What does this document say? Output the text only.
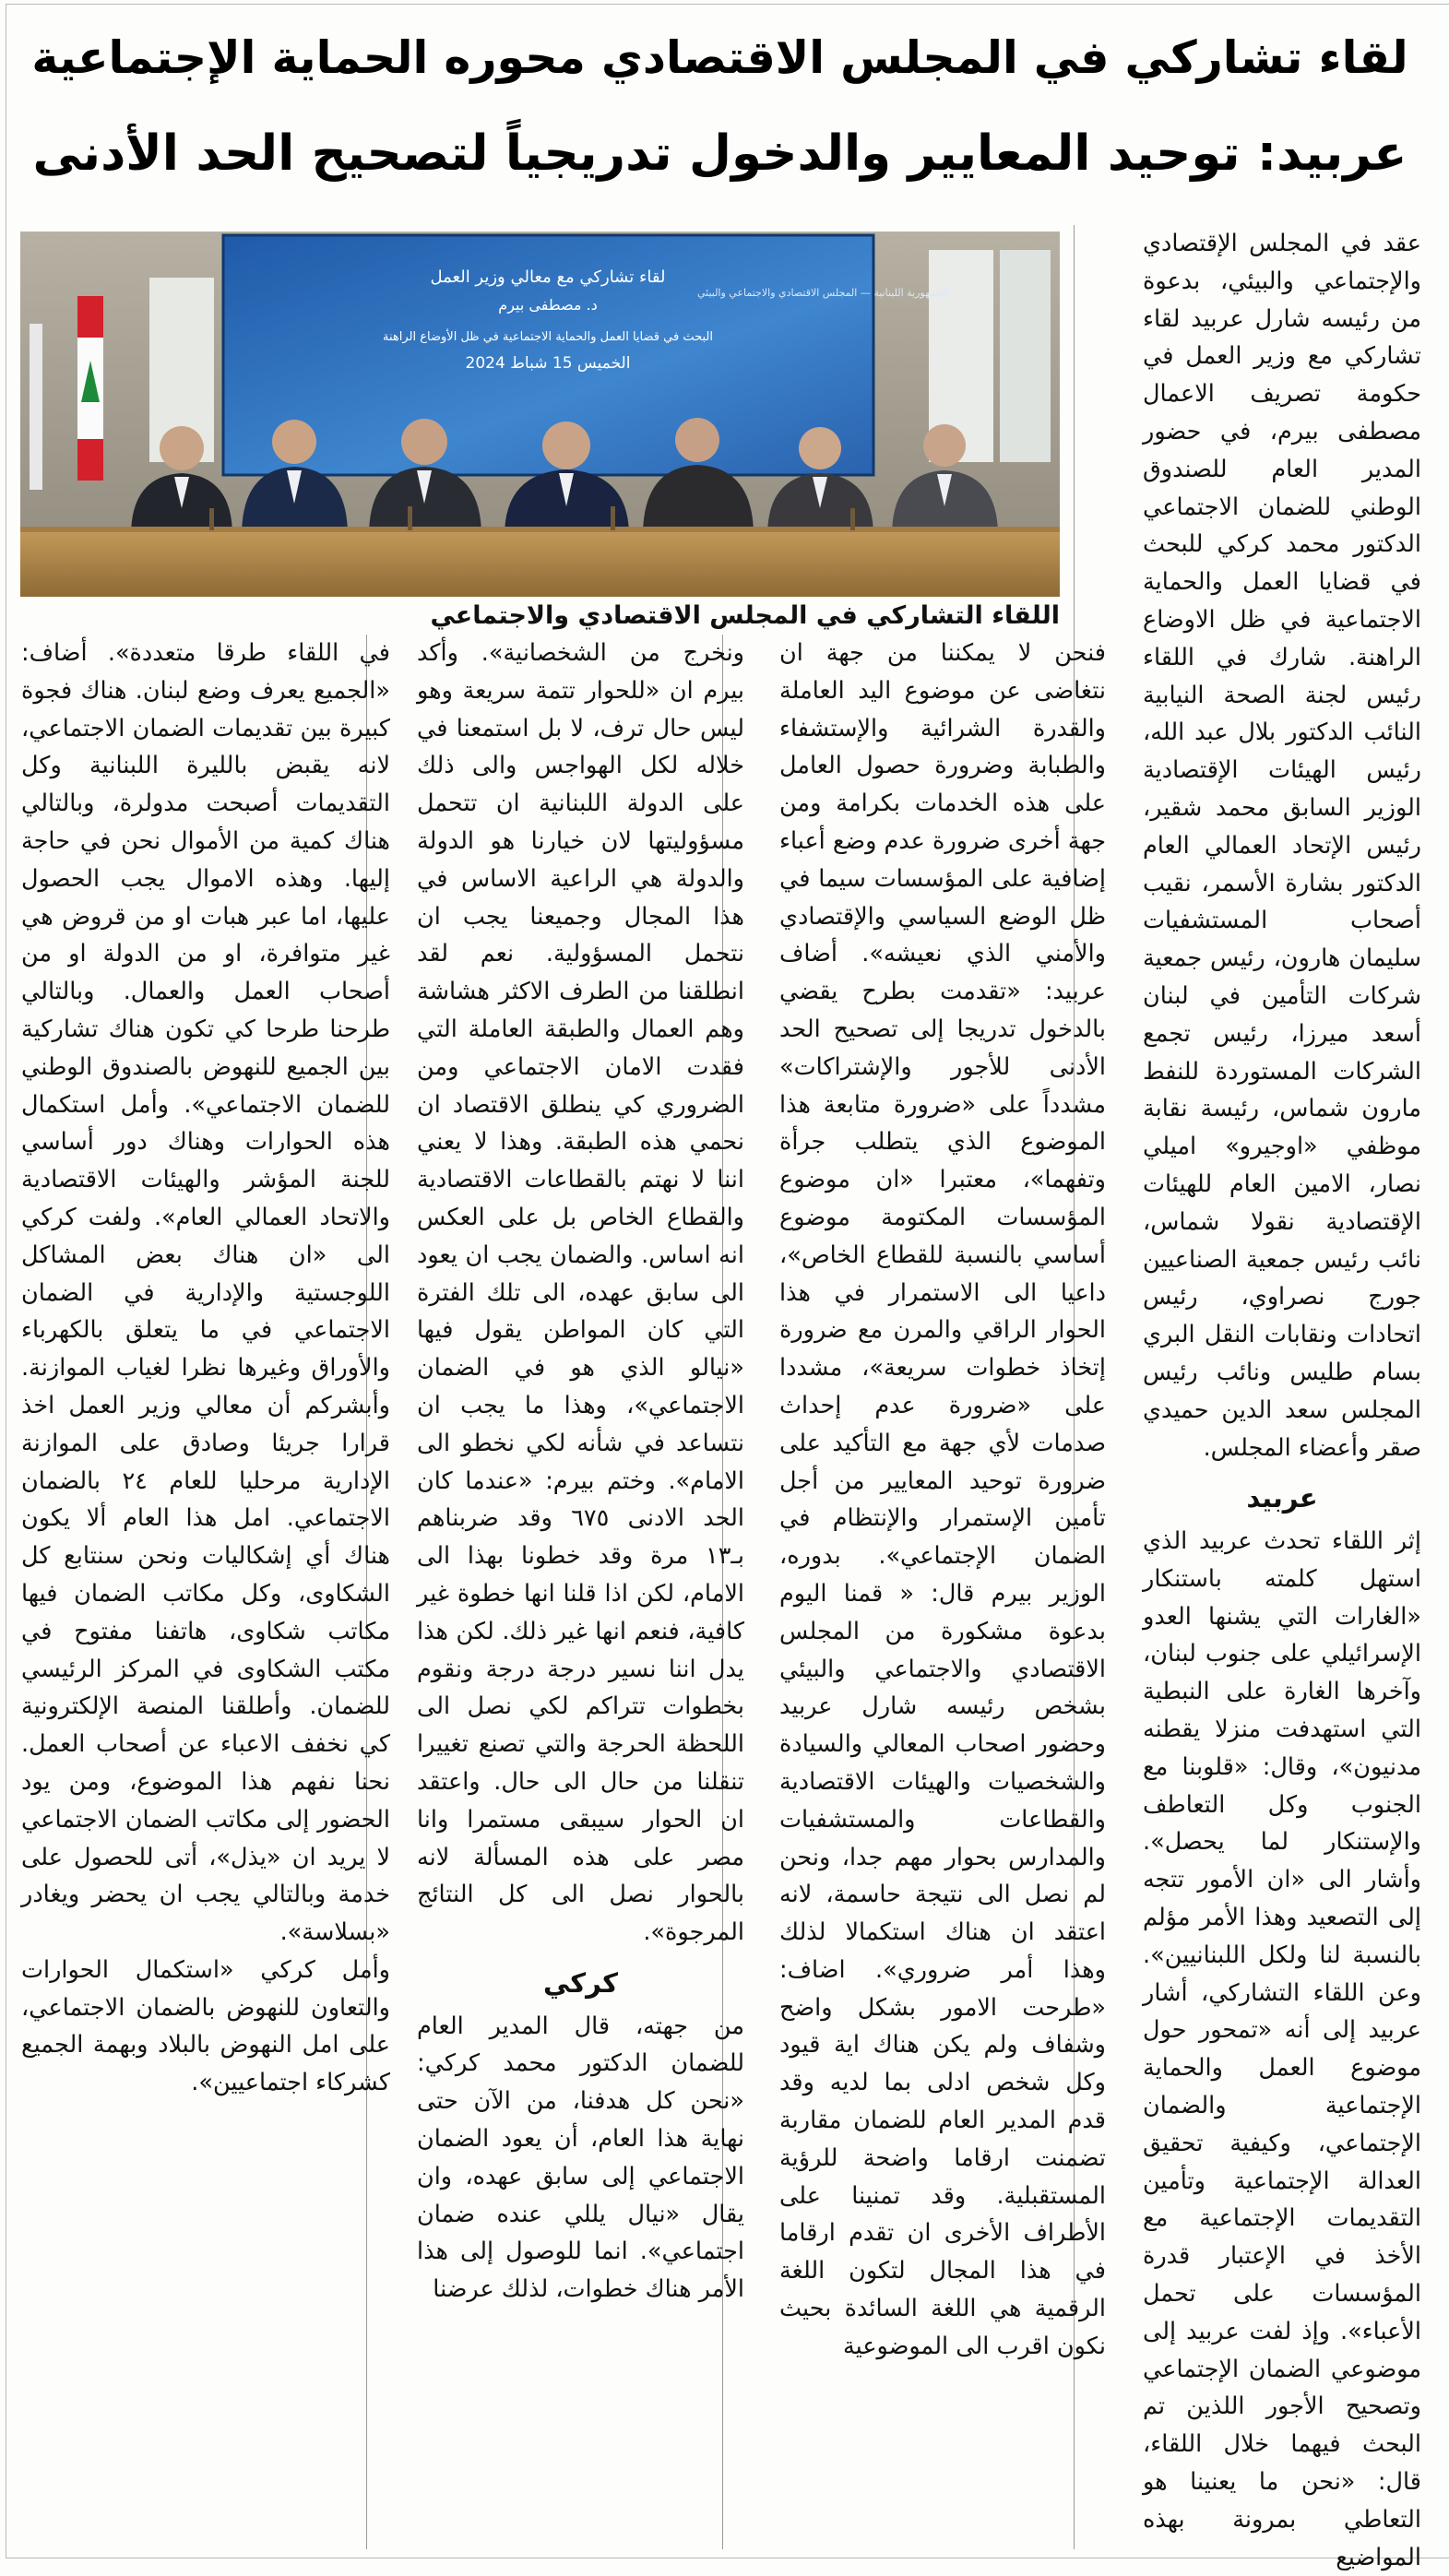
لقاء تشاركي في المجلس الاقتصادي محوره الحماية الإجتماعية
عربيد: توحيد المعايير والدخول تدريجياً لتصحيح الحد الأدنى
لقاء تشاركي مع معالي وزير العمل
د. مصطفى بيرم
البحث في قضايا العمل والحماية الاجتماعية في ظل الأوضاع الراهنة
الخميس 15 شباط 2024
الجمهورية اللبنانية — المجلس الاقتصادي والاجتماعي والبيئي
اللقاء التشاركي في المجلس الاقتصادي والاجتماعي

عقد في المجلس الإقتصادي والإجتماعي والبيئي، بدعوة من رئيسه شارل عربيد لقاء تشاركي مع وزير العمل في حكومة تصريف الاعمال مصطفى بيرم، في حضور المدير العام للصندوق الوطني للضمان الاجتماعي الدكتور محمد كركي للبحث في قضايا العمل والحماية الاجتماعية في ظل الاوضاع الراهنة. شارك في اللقاء رئيس لجنة الصحة النيابية النائب الدكتور بلال عبد الله، رئيس الهيئات الإقتصادية الوزير السابق محمد شقير، رئيس الإتحاد العمالي العام الدكتور بشارة الأسمر، نقيب أصحاب المستشفيات سليمان هارون، رئيس جمعية شركات التأمين في لبنان أسعد ميرزا، رئيس تجمع الشركات المستوردة للنفط مارون شماس، رئيسة نقابة موظفي «اوجيرو» اميلي نصار، الامين العام للهيئات الإقتصادية نقولا شماس، نائب رئيس جمعية الصناعيين جورج نصراوي، رئيس اتحادات ونقابات النقل البري بسام طليس ونائب رئيس المجلس سعد الدين حميدي صقر وأعضاء المجلس.

عربيد

إثر اللقاء تحدث عربيد الذي استهل كلمته باستنكار «الغارات التي يشنها العدو الإسرائيلي على جنوب لبنان، وآخرها الغارة على النبطية التي استهدفت منزلا يقطنه مدنيون»، وقال: «قلوبنا مع الجنوب وكل التعاطف والإستنكار لما يحصل». وأشار الى «ان الأمور تتجه إلى التصعيد وهذا الأمر مؤلم بالنسبة لنا ولكل اللبنانيين». وعن اللقاء التشاركي، أشار عربيد إلى أنه «تمحور حول موضوع العمل والحماية الإجتماعية والضمان الإجتماعي، وكيفية تحقيق العدالة الإجتماعية وتأمين التقديمات الإجتماعية مع الأخذ في الإعتبار قدرة المؤسسات على تحمل الأعباء». وإذ لفت عربيد إلى موضوعي الضمان الإجتماعي وتصحيح الأجور اللذين تم البحث فيهما خلال اللقاء، قال: «نحن ما يعنينا هو التعاطي بمرونة بهذه المواضيع

فنحن لا يمكننا من جهة ان نتغاضى عن موضوع اليد العاملة والقدرة الشرائية والإستشفاء والطبابة وضرورة حصول العامل على هذه الخدمات بكرامة ومن جهة أخرى ضرورة عدم وضع أعباء إضافية على المؤسسات سيما في ظل الوضع السياسي والإقتصادي والأمني الذي نعيشه». أضاف عربيد: «تقدمت بطرح يقضي بالدخول تدريجا إلى تصحيح الحد الأدنى للأجور والإشتراكات» مشدداً على «ضرورة متابعة هذا الموضوع الذي يتطلب جرأة وتفهما»، معتبرا «ان موضوع المؤسسات المكتومة موضوع أساسي بالنسبة للقطاع الخاص»، داعيا الى الاستمرار في هذا الحوار الراقي والمرن مع ضرورة إتخاذ خطوات سريعة»، مشددا على «ضرورة عدم إحداث صدمات لأي جهة مع التأكيد على ضرورة توحيد المعايير من أجل تأمين الإستمرار والإنتظام في الضمان الإجتماعي». بدوره، الوزير بيرم قال: « قمنا اليوم بدعوة مشكورة من المجلس الاقتصادي والاجتماعي والبيئي بشخص رئيسه شارل عربيد وحضور اصحاب المعالي والسيادة والشخصيات والهيئات الاقتصادية والقطاعات والمستشفيات والمدارس بحوار مهم جدا، ونحن لم نصل الى نتيجة حاسمة، لانه اعتقد ان هناك استكمالا لذلك وهذا أمر ضروري». اضاف: «طرحت الامور بشكل واضح وشفاف ولم يكن هناك اية قيود وكل شخص ادلى بما لديه وقد قدم المدير العام للضمان مقاربة تضمنت ارقاما واضحة للرؤية المستقبلية. وقد تمنينا على الأطراف الأخرى ان تقدم ارقاما في هذا المجال لتكون اللغة الرقمية هي اللغة السائدة بحيث نكون اقرب الى الموضوعية

ونخرج من الشخصانية». وأكد بيرم ان «للحوار تتمة سريعة وهو ليس حال ترف، لا بل استمعنا في خلاله لكل الهواجس والى ذلك على الدولة اللبنانية ان تتحمل مسؤوليتها لان خيارنا هو الدولة والدولة هي الراعية الاساس في هذا المجال وجميعنا يجب ان نتحمل المسؤولية. نعم لقد انطلقنا من الطرف الاكثر هشاشة وهم العمال والطبقة العاملة التي فقدت الامان الاجتماعي ومن الضروري كي ينطلق الاقتصاد ان نحمي هذه الطبقة. وهذا لا يعني اننا لا نهتم بالقطاعات الاقتصادية والقطاع الخاص بل على العكس انه اساس. والضمان يجب ان يعود الى سابق عهده، الى تلك الفترة التي كان المواطن يقول فيها «نيالو الذي هو في الضمان الاجتماعي»، وهذا ما يجب ان نتساعد في شأنه لكي نخطو الى الامام». وختم بيرم: «عندما كان الحد الادنى ٦٧٥ وقد ضربناهم بـ١٣ مرة وقد خطونا بهذا الى الامام، لكن اذا قلنا انها خطوة غير كافية، فنعم انها غير ذلك. لكن هذا يدل اننا نسير درجة درجة ونقوم بخطوات تتراكم لكي نصل الى اللحظة الحرجة والتي تصنع تغييرا تنقلنا من حال الى حال. واعتقد ان الحوار سيبقى مستمرا وانا مصر على هذه المسألة لانه بالحوار نصل الى كل النتائج المرجوة».

كركي

من جهته، قال المدير العام للضمان الدكتور محمد كركي: «نحن كل هدفنا، من الآن حتى نهاية هذا العام، أن يعود الضمان الاجتماعي إلى سابق عهده، وان يقال «نيال يللي عنده ضمان اجتماعي». انما للوصول إلى هذا الأمر هناك خطوات، لذلك عرضنا

في اللقاء طرقا متعددة». أضاف: «الجميع يعرف وضع لبنان. هناك فجوة كبيرة بين تقديمات الضمان الاجتماعي، لانه يقبض بالليرة اللبنانية وكل التقديمات أصبحت مدولرة، وبالتالي هناك كمية من الأموال نحن في حاجة إليها. وهذه الاموال يجب الحصول عليها، اما عبر هبات او من قروض هي غير متوافرة، او من الدولة او من أصحاب العمل والعمال. وبالتالي طرحنا طرحا كي تكون هناك تشاركية بين الجميع للنهوض بالصندوق الوطني للضمان الاجتماعي». وأمل استكمال هذه الحوارات وهناك دور أساسي للجنة المؤشر والهيئات الاقتصادية والاتحاد العمالي العام». ولفت كركي الى «ان هناك بعض المشاكل اللوجستية والإدارية في الضمان الاجتماعي في ما يتعلق بالكهرباء والأوراق وغيرها نظرا لغياب الموازنة. وأبشركم أن معالي وزير العمل اخذ قرارا جريئا وصادق على الموازنة الإدارية مرحليا للعام ٢٤ بالضمان الاجتماعي. امل هذا العام ألا يكون هناك أي إشكاليات ونحن سنتابع كل الشكاوى، وكل مكاتب الضمان فيها مكاتب شكاوى، هاتفنا مفتوح في مكتب الشكاوى في المركز الرئيسي للضمان. وأطلقنا المنصة الإلكترونية كي نخفف الاعباء عن أصحاب العمل. نحنا نفهم هذا الموضوع، ومن يود الحضور إلى مكاتب الضمان الاجتماعي لا يريد ان «يذل»، أتى للحصول على خدمة وبالتالي يجب ان يحضر ويغادر «بسلاسة».

وأمل كركي «استكمال الحوارات والتعاون للنهوض بالضمان الاجتماعي، على امل النهوض بالبلاد وبهمة الجميع كشركاء اجتماعيين».
